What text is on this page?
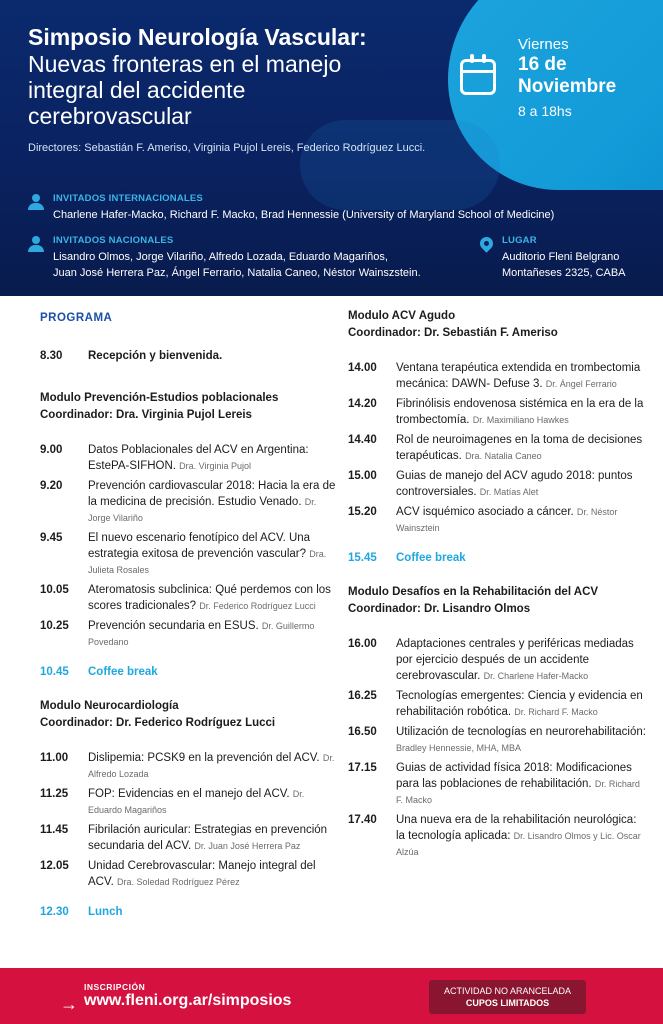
Simposio Neurología Vascular:
Nuevas fronteras en el manejo
integral del accidente
cerebrovascular
Directores: Sebastián F. Ameriso, Virginia Pujol Lereis, Federico Rodríguez Lucci.
Viernes
16 de
Noviembre
8 a 18hs
INVITADOS INTERNACIONALES
Charlene Hafer-Macko, Richard F. Macko, Brad Hennessie (University of Maryland School of Medicine)
INVITADOS NACIONALES
Lisandro Olmos, Jorge Vilariño, Alfredo Lozada, Eduardo Magariños,
Juan José Herrera Paz, Ángel Ferrario, Natalia Caneo, Néstor Wainszstein.
LUGAR
Auditorio Fleni Belgrano
Montañeses 2325, CABA
PROGRAMA
8.30	Recepción y bienvenida.
Modulo Prevención-Estudios poblacionales
Coordinador: Dra. Virginia Pujol Lereis
9.00	Datos Poblacionales del ACV en Argentina: EstePA-SIFHON. Dra. Virginia Pujol
9.20	Prevención cardiovascular 2018: Hacia la era de la medicina de precisión. Estudio Venado. Dr. Jorge Vilariño
9.45	El nuevo escenario fenotípico del ACV. Una estrategia exitosa de prevención vascular? Dra. Julieta Rosales
10.05	Ateromatosis subclinica: Qué perdemos con los scores tradicionales? Dr. Federico Rodríguez Lucci
10.25	Prevención secundaria en ESUS. Dr. Guillermo Povedano
10.45	Coffee break
Modulo Neurocardiología
Coordinador: Dr. Federico Rodríguez Lucci
11.00	Dislipemia: PCSK9 en la prevención del ACV. Dr. Alfredo Lozada
11.25	FOP: Evidencias en el manejo del ACV. Dr. Eduardo Magariños
11.45	Fibrilación auricular: Estrategias en prevención secundaria del ACV. Dr. Juan José Herrera Paz
12.05	Unidad Cerebrovascular: Manejo integral del ACV. Dra. Soledad Rodríguez Pérez
12.30	Lunch
Modulo ACV Agudo
Coordinador: Dr. Sebastián F. Ameriso
14.00	Ventana terapéutica extendida en trombectomia mecánica: DAWN- Defuse 3. Dr. Ángel Ferrario
14.20	Fibrinólisis endovenosa sistémica en la era de la trombectomía. Dr. Maximiliano Hawkes
14.40	Rol de neuroimagenes en la toma de decisiones terapéuticas. Dra. Natalia Caneo
15.00	Guias de manejo del ACV agudo 2018: puntos controversiales. Dr. Matías Alet
15.20	ACV isquémico asociado a cáncer. Dr. Néstor Wainsztein
15.45	Coffee break
Modulo Desafíos en la Rehabilitación del ACV
Coordinador: Dr. Lisandro Olmos
16.00	Adaptaciones centrales y periféricas mediadas por ejercicio después de un accidente cerebrovascular. Dr. Charlene Hafer-Macko
16.25	Tecnologías emergentes: Ciencia y evidencia en rehabilitación robótica. Dr. Richard F. Macko
16.50	Utilización de tecnologías en neurorehabilitación: Bradley Hennessie, MHA, MBA
17.15	Guias de actividad física 2018: Modificaciones para las poblaciones de rehabilitación. Dr. Richard F. Macko
17.40	Una nueva era de la rehabilitación neurológica: la tecnología aplicada: Dr. Lisandro Olmos y Lic. Oscar Alzúa
INSCRIPCIÓN
→ www.fleni.org.ar/simposios
ACTIVIDAD NO ARANCELADA
CUPOS LIMITADOS
